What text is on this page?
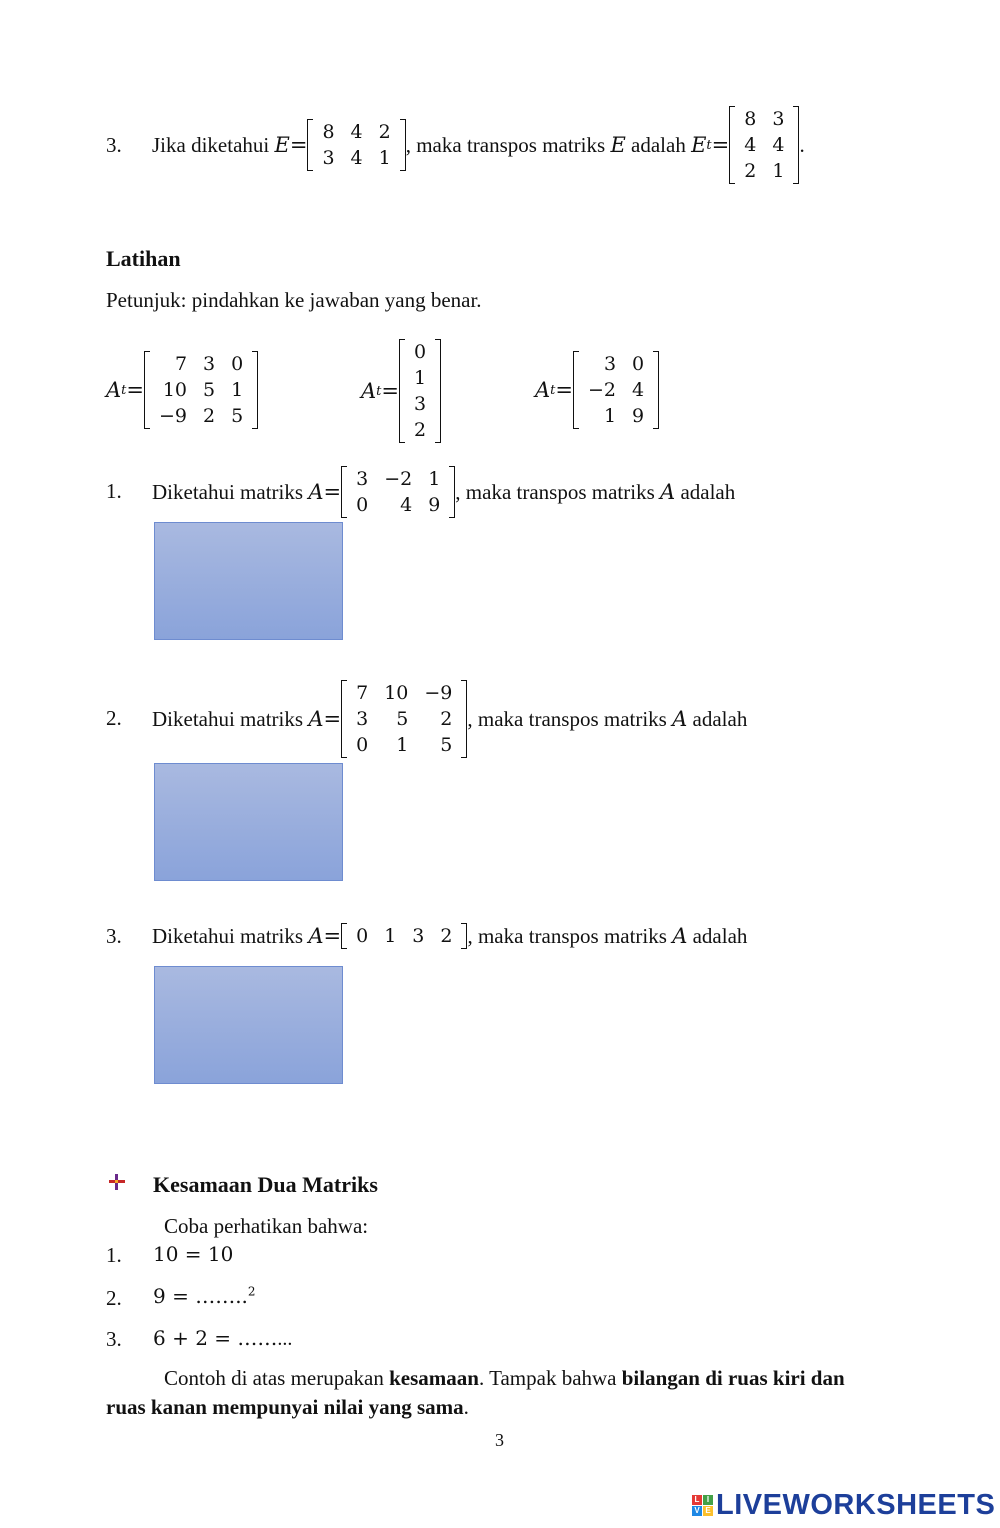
3. Jika diketahui
E =
8	4	2
3	4	1
, maka transpos matriks
E
adalah
E t =
8	3
4	4
2	1
.
Latihan
Petunjuk: pindahkan ke jawaban yang benar.
A t =
7	3	0
10	5	1
−9	2	5
A t =
0
1
3
2
A t =
3	0
−2	4
1	9
1. Diketahui matriks
A =
3	−2	1
0	4	9
, maka transpos matriks
A
adalah
2. Diketahui matriks
A =
7	10	−9
3	5	2
0	1	5
, maka transpos matriks
A
adalah
3. Diketahui matriks
A = 0	1	3	2 , maka transpos matriks
A
adalah
Kesamaan Dua Matriks
Coba perhatikan bahwa:
1. 10 = 10
2. 9 = ……..$^2$
3. 6 + 2 = ……...
Contoh di atas merupakan kesamaan. Tampak bahwa bilangan di ruas kiri dan
ruas kanan mempunyai nilai yang sama.
3
L I
V E LIVEWORKSHEETS
